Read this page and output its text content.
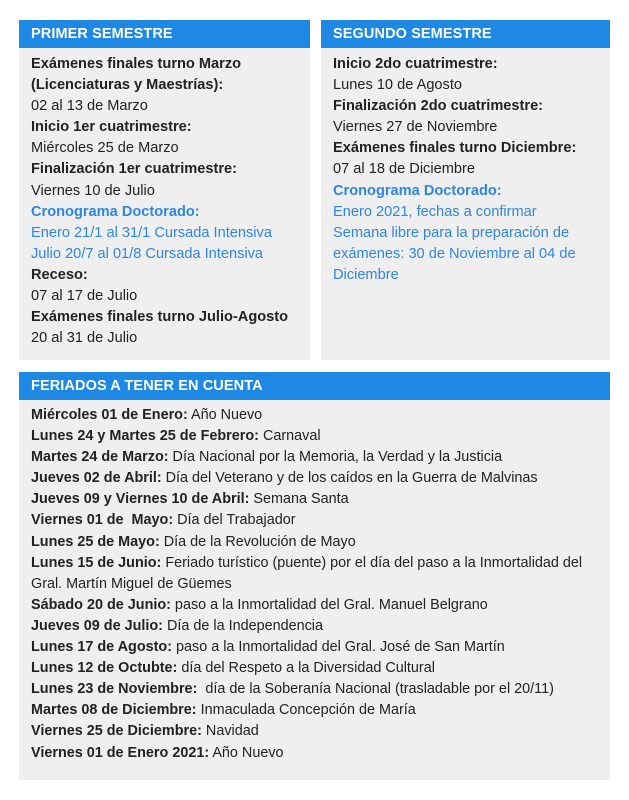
PRIMER SEMESTRE
Exámenes finales turno Marzo
(Licenciaturas y Maestrías):
02 al 13 de Marzo
Inicio 1er cuatrimestre:
Miércoles 25 de Marzo
Finalización 1er cuatrimestre:
Viernes 10 de Julio
Cronograma Doctorado:
Enero 21/1 al 31/1 Cursada Intensiva
Julio 20/7 al 01/8 Cursada Intensiva
Receso:
07 al 17 de Julio
Exámenes finales turno Julio-Agosto
20 al 31 de Julio
SEGUNDO SEMESTRE
Inicio 2do cuatrimestre:
Lunes 10 de Agosto
Finalización 2do cuatrimestre:
Viernes 27 de Noviembre
Exámenes finales turno Diciembre:
07 al 18 de Diciembre
Cronograma Doctorado:
Enero 2021, fechas a confirmar
Semana libre para la preparación de
exámenes: 30 de Noviembre al 04 de
Diciembre
FERIADOS A TENER EN CUENTA
Miércoles 01 de Enero: Año Nuevo
Lunes 24 y Martes 25 de Febrero: Carnaval
Martes 24 de Marzo: Día Nacional por la Memoria, la Verdad y la Justicia
Jueves 02 de Abril: Día del Veterano y de los caídos en la Guerra de Malvinas
Jueves 09 y Viernes 10 de Abril: Semana Santa
Viernes 01 de  Mayo: Día del Trabajador
Lunes 25 de Mayo: Día de la Revolución de Mayo
Lunes 15 de Junio: Feriado turístico (puente) por el día del paso a la Inmortalidad del
Gral. Martín Miguel de Güemes
Sábado 20 de Junio: paso a la Inmortalidad del Gral. Manuel Belgrano
Jueves 09 de Julio: Día de la Independencia
Lunes 17 de Agosto: paso a la Inmortalidad del Gral. José de San Martín
Lunes 12 de Octubte: día del Respeto a la Diversidad Cultural
Lunes 23 de Noviembre:  día de la Soberanía Nacional (trasladable por el 20/11)
Martes 08 de Diciembre: Inmaculada Concepción de María
Viernes 25 de Diciembre: Navidad
Viernes 01 de Enero 2021: Año Nuevo
